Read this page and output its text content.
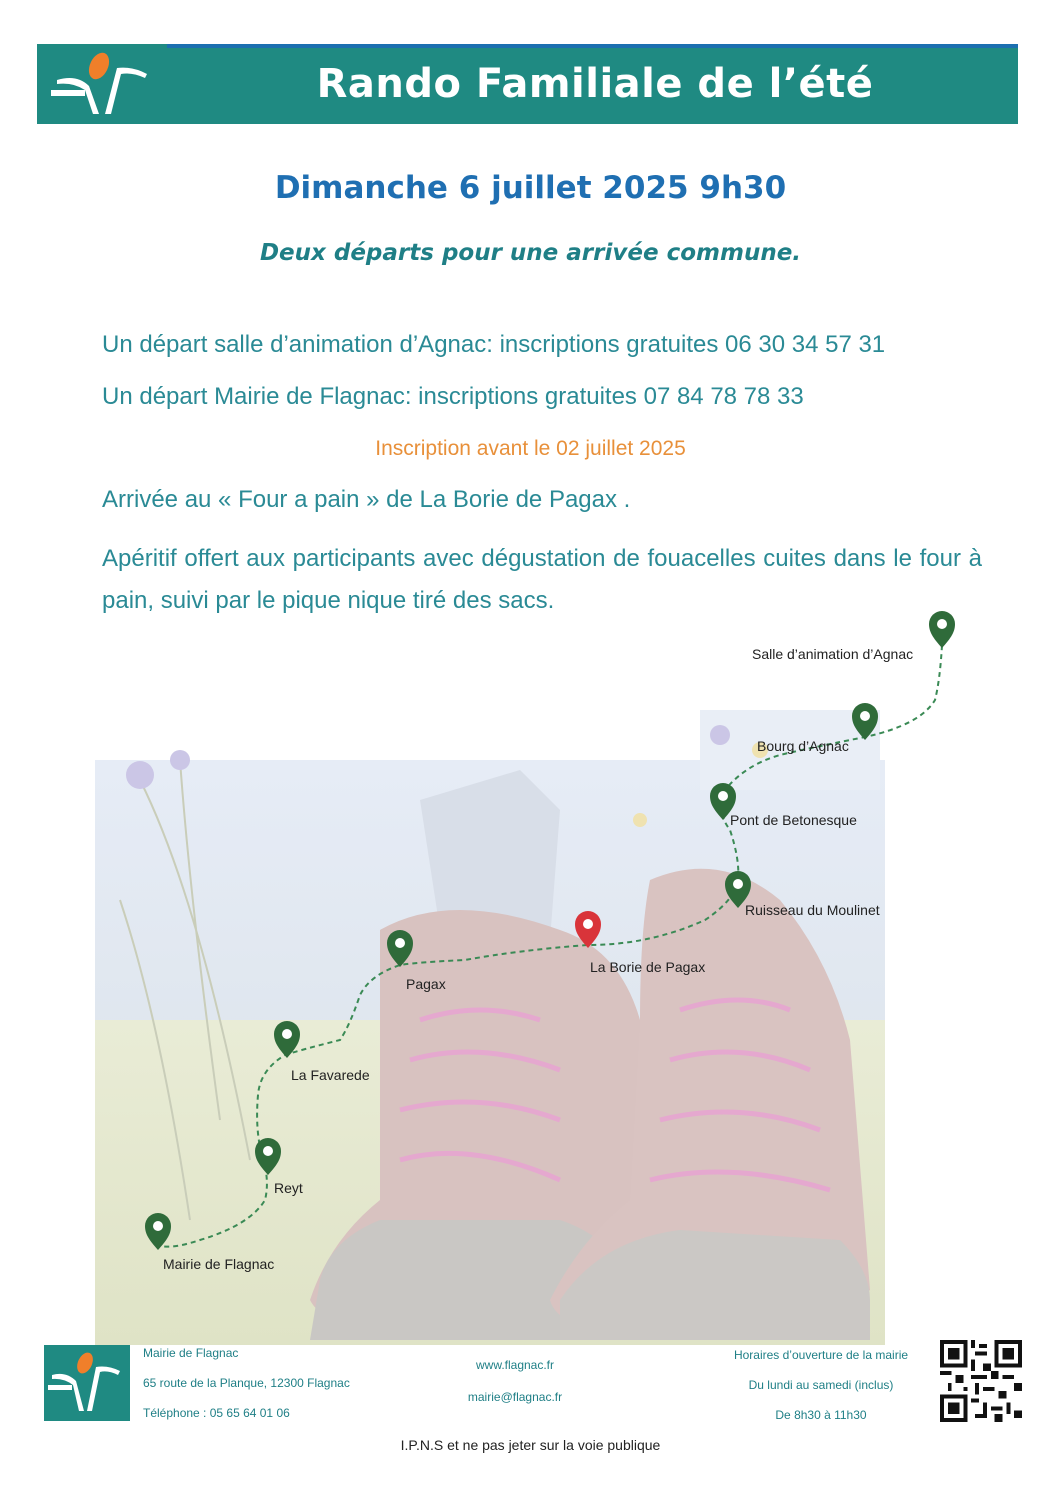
Rando Familiale de l’été
Dimanche 6 juillet 2025 9h30
Deux départs pour une arrivée commune.
Un départ salle d’animation d’Agnac: inscriptions gratuites 06 30 34 57 31
Un départ Mairie de Flagnac: inscriptions gratuites 07 84 78 78 33
Inscription avant le 02 juillet 2025
Arrivée au « Four a pain » de La Borie de Pagax .
Apéritif offert aux participants avec dégustation de fouacelles cuites dans le four à pain, suivi par le pique nique tiré des sacs.
Salle d’animation d’Agnac
Bourg d’Agnac
Pont de Betonesque
Ruisseau du Moulinet
La Borie de Pagax
Pagax
La Favarede
Reyt
Mairie de Flagnac
Mairie de Flagnac
65 route de la Planque, 12300 Flagnac
Téléphone : 05 65 64 01 06
www.flagnac.fr
mairie@flagnac.fr
Horaires d’ouverture de la mairie
Du lundi au samedi (inclus)
De 8h30 à 11h30
I.P.N.S et ne pas jeter sur la voie publique
